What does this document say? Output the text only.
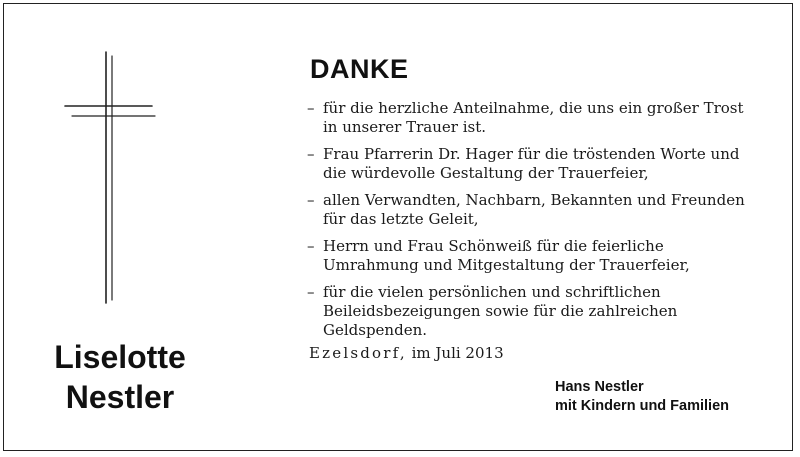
Liselotte
Nestler
DANKE
– für die herzliche Anteilnahme, die uns ein großer Trost
in unserer Trauer ist.
– Frau Pfarrerin Dr. Hager für die tröstenden Worte und
die würdevolle Gestaltung der Trauerfeier,
– allen Verwandten, Nachbarn, Bekannten und Freunden
für das letzte Geleit,
– Herrn und Frau Schönweiß für die feierliche
Umrahmung und Mitgestaltung der Trauerfeier,
– für die vielen persönlichen und schriftlichen
Beileidsbezeigungen sowie für die zahlreichen
Geldspenden.
Ezelsdorf, im Juli 2013
Hans Nestler
mit Kindern und Familien
